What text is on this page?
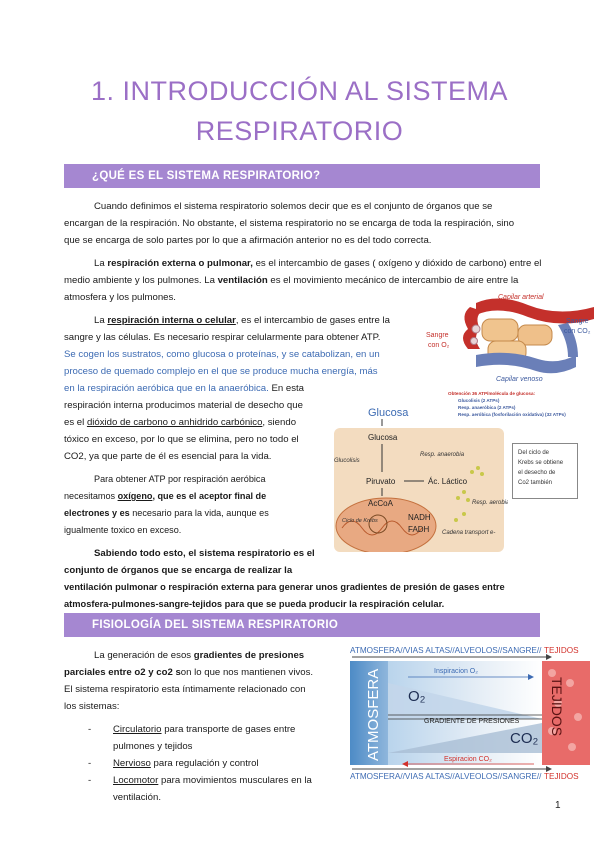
1. INTRODUCCIÓN AL SISTEMA
RESPIRATORIO
¿QUÉ ES EL SISTEMA RESPIRATORIO?
Cuando definimos el sistema respiratorio solemos decir que es el conjunto de órganos que se
encargan de la respiración. No obstante, el sistema respiratorio no se encarga de toda la respiración, sino
que se encarga de solo partes por lo que a afirmación anterior no es del todo correcta.
La respiración externa o pulmonar, es el intercambio de gases ( oxígeno y dióxido de carbono) entre el
medio ambiente y los pulmones. La ventilación es el movimiento mecánico de intercambio de aire entre la
atmosfera y los pulmones.
La respiración interna o celular, es el intercambio de gases entre la
sangre y las células. Es necesario respirar celularmente para obtener ATP.
Se cogen los sustratos, como glucosa o proteínas, y se catabolizan, en un
proceso de quemado complejo en el que se produce mucha energía, más
en la respiración aeróbica que en la anaeróbica. En esta
respiración interna producimos material de desecho que
es el dióxido de carbono o anhidrido carbónico, siendo
tóxico en exceso, por lo que se elimina, pero no todo el
CO2, ya que parte de él es esencial para la vida.
Para obtener ATP por respiración aeróbica
necesitamos oxígeno, que es el aceptor final de
electrones y es necesario para la vida, aunque es
igualmente toxico en exceso.
Sabiendo todo esto, el sistema respiratorio es el
conjunto de órganos que se encarga de realizar la
ventilación pulmonar o respiración externa para generar unos gradientes de presión de gases entre
atmosfera-pulmones-sangre-tejidos para que se pueda producir la respiración celular.
FISIOLOGÍA DEL SISTEMA RESPIRATORIO
La generación de esos gradientes de presiones
parciales entre o2 y co2 son lo que nos mantienen vivos.
El sistema respiratorio esta íntimamente relacionado con
los sistemas:
- Circulatorio para transporte de gases entre
pulmones y tejidos
- Nervioso para regulación y control
- Locomotor para movimientos musculares en la
ventilación.
Capilar arterial
Capilar venoso
Sangre
con O₂
Sangre
con CO₂
Obtención 36 ATP/molécula de glucosa:
Glucolisis (2 ATPs)
Resp. anaeróbica (2 ATPs)
Resp. aeróbica (fosforilación oxidativa) (32 ATPs)
Glucosa
Glucosa
Glucolisis
Resp. anaerobia
Piruvato	Ác. Láctico
AcCoA	Resp. aerobia
Ciclo de Krebs	NADH
FADH Cadena transport e-
Del ciclo de
Krebs se obtiene
el desecho de
Co2 también
ATMOSFERA//VIAS ALTAS//ALVEOLOS//SANGRE// TEJIDOS
Inspiracion O₂
O₂
GRADIENTE DE PRESIONES
CO₂
Espiracion CO₂
ATMOSFERA	TEJIDOS
ATMOSFERA//VIAS ALTAS//ALVEOLOS//SANGRE// TEJIDOS
1
